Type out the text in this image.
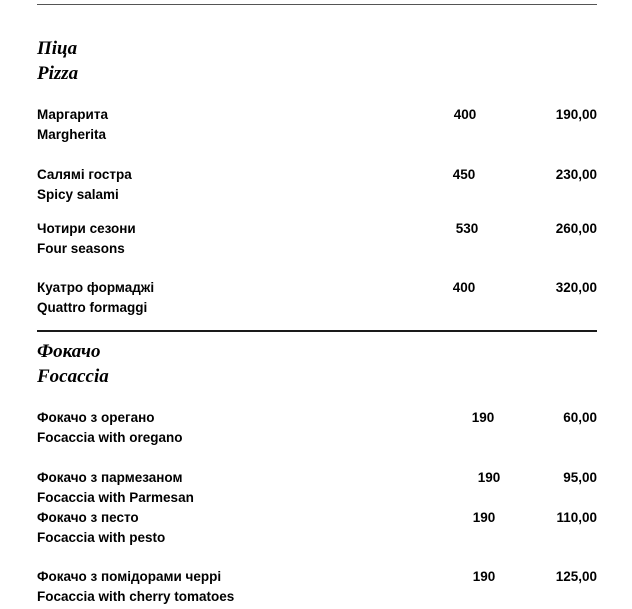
Піца
Pizza
Маргарита
Margherita
400	190,00
Салямі гостра
Spicy salami
450	230,00
Чотири сезони
Four seasons
530	260,00
Куатро формаджі
Quattro formaggi
400	320,00
Фокачо
Focaccia
Фокачо з орегано
Focaccia with oregano
190	60,00
Фокачо з пармезаном
Focaccia with Parmesan
190	95,00
Фокачо з песто
Focaccia with pesto
190	110,00
Фокачо з помідорами черрі
Focaccia with cherry tomatoes
190	125,00
